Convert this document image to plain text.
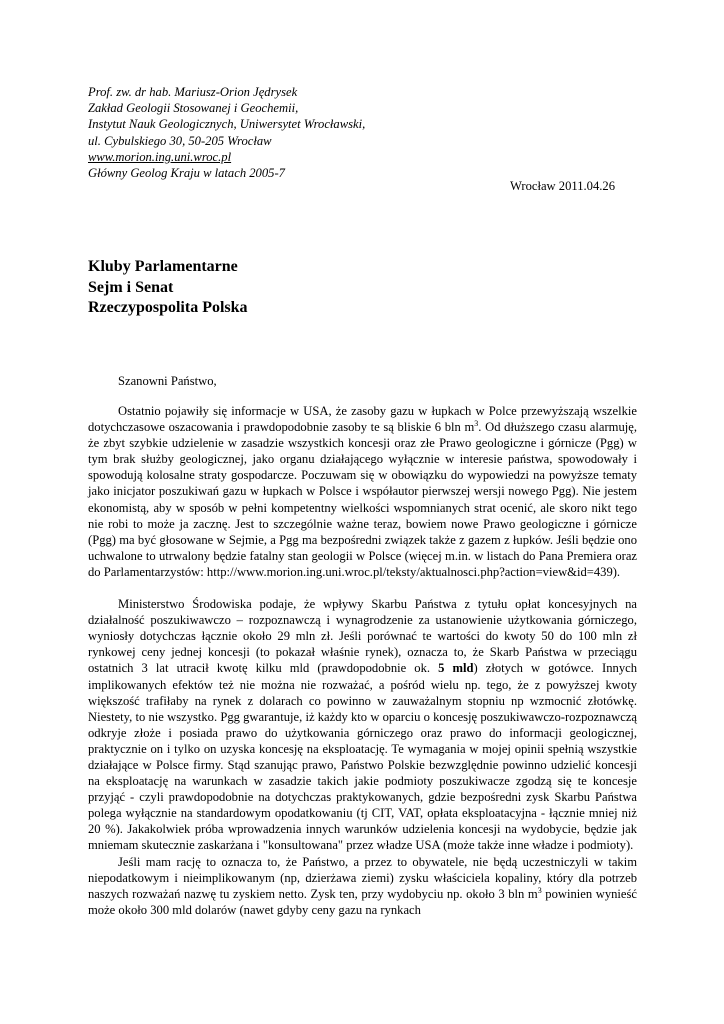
Prof. zw. dr hab. Mariusz-Orion Jędrysek
Zakład Geologii Stosowanej i Geochemii,
Instytut Nauk Geologicznych, Uniwersytet Wrocławski,
ul. Cybulskiego 30, 50-205 Wrocław
www.morion.ing.uni.wroc.pl
Główny Geolog Kraju w latach 2005-7
Wrocław 2011.04.26
Kluby Parlamentarne
Sejm i Senat
Rzeczypospolita Polska
Szanowni Państwo,

Ostatnio pojawiły się informacje w USA, że zasoby gazu w łupkach w Polce przewyższają wszelkie dotychczasowe oszacowania i prawdopodobnie zasoby te są bliskie 6 bln $m^3$. Od dłuższego czasu alarmuję, że zbyt szybkie udzielenie w zasadzie wszystkich koncesji oraz złe Prawo geologiczne i górnicze (Pgg) w tym brak służby geologicznej, jako organu działającego wyłącznie w interesie państwa, spowodowały i spowodują kolosalne straty gospodarcze. Poczuwam się w obowiązku do wypowiedzi na powyższe tematy jako inicjator poszukiwań gazu w łupkach w Polsce i współautor pierwszej wersji nowego Pgg). Nie jestem ekonomistą, aby w sposób w pełni kompetentny wielkości wspomnianych strat ocenić, ale skoro nikt tego nie robi to może ja zacznę. Jest to szczególnie ważne teraz, bowiem nowe Prawo geologiczne i górnicze (Pgg) ma być głosowane w Sejmie, a Pgg ma bezpośredni związek także z gazem z łupków. Jeśli będzie ono uchwalone to utrwalony będzie fatalny stan geologii w Polsce (więcej m.in. w listach do Pana Premiera oraz do Parlamentarzystów: http://www.morion.ing.uni.wroc.pl/teksty/aktualnosci.php?action=view&id=439).

Ministerstwo Środowiska podaje, że wpływy Skarbu Państwa z tytułu opłat koncesyjnych na działalność poszukiwawczo – rozpoznawczą i wynagrodzenie za ustanowienie użytkowania górniczego, wyniosły dotychczas łącznie około 29 mln zł. Jeśli porównać te wartości do kwoty 50 do 100 mln zł rynkowej ceny jednej koncesji (to pokazał właśnie rynek), oznacza to, że Skarb Państwa w przeciągu ostatnich 3 lat utracił kwotę kilku mld (prawdopodobnie ok. 5 mld) złotych w gotówce. Innych implikowanych efektów też nie można nie rozważać, a pośród wielu np. tego, że z powyższej kwoty większość trafiłaby na rynek z dolarach co powinno w zauważalnym stopniu np wzmocnić złotówkę. Niestety, to nie wszystko. Pgg gwarantuje, iż każdy kto w oparciu o koncesję poszukiwawczo-rozpoznawczą odkryje złoże i posiada prawo do użytkowania górniczego oraz prawo do informacji geologicznej, praktycznie on i tylko on uzyska koncesję na eksploatację. Te wymagania w mojej opinii spełnią wszystkie działające w Polsce firmy. Stąd szanując prawo, Państwo Polskie bezwzględnie powinno udzielić koncesji na eksploatację na warunkach w zasadzie takich jakie podmioty poszukiwacze zgodzą się te koncesje przyjąć - czyli prawdopodobnie na dotychczas praktykowanych, gdzie bezpośredni zysk Skarbu Państwa polega wyłącznie na standardowym opodatkowaniu (tj CIT, VAT, opłata eksploatacyjna - łącznie mniej niż 20 %). Jakakolwiek próba wprowadzenia innych warunków udzielenia koncesji na wydobycie, będzie jak mniemam skutecznie zaskarżana i "konsultowana" przez władze USA (może także inne władze i podmioty).

Jeśli mam rację to oznacza to, że Państwo, a przez to obywatele, nie będą uczestniczyli w takim niepodatkowym i nieimplikowanym (np, dzierżawa ziemi) zysku właściciela kopaliny, który dla potrzeb naszych rozważań nazwę tu zyskiem netto. Zysk ten, przy wydobyciu np. około 3 bln $m^3$ powinien wynieść może około 300 mld dolarów (nawet gdyby ceny gazu na rynkach
